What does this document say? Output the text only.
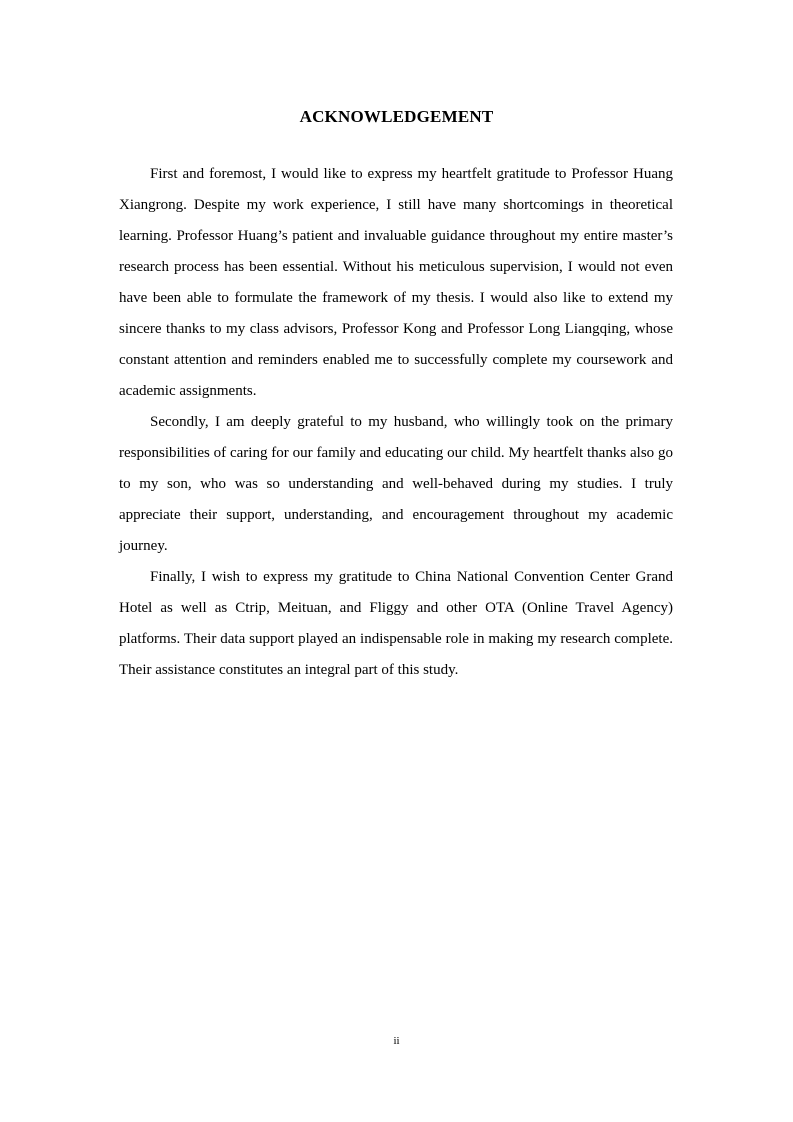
ACKNOWLEDGEMENT

First and foremost, I would like to express my heartfelt gratitude to Professor Huang Xiangrong. Despite my work experience, I still have many shortcomings in theoretical learning. Professor Huang’s patient and invaluable guidance throughout my entire master’s research process has been essential. Without his meticulous supervision, I would not even have been able to formulate the framework of my thesis. I would also like to extend my sincere thanks to my class advisors, Professor Kong and Professor Long Liangqing, whose constant attention and reminders enabled me to successfully complete my coursework and academic assignments.

Secondly, I am deeply grateful to my husband, who willingly took on the primary responsibilities of caring for our family and educating our child. My heartfelt thanks also go to my son, who was so understanding and well-behaved during my studies. I truly appreciate their support, understanding, and encouragement throughout my academic journey.

Finally, I wish to express my gratitude to China National Convention Center Grand Hotel as well as Ctrip, Meituan, and Fliggy and other OTA (Online Travel Agency) platforms. Their data support played an indispensable role in making my research complete. Their assistance constitutes an integral part of this study.

ii
